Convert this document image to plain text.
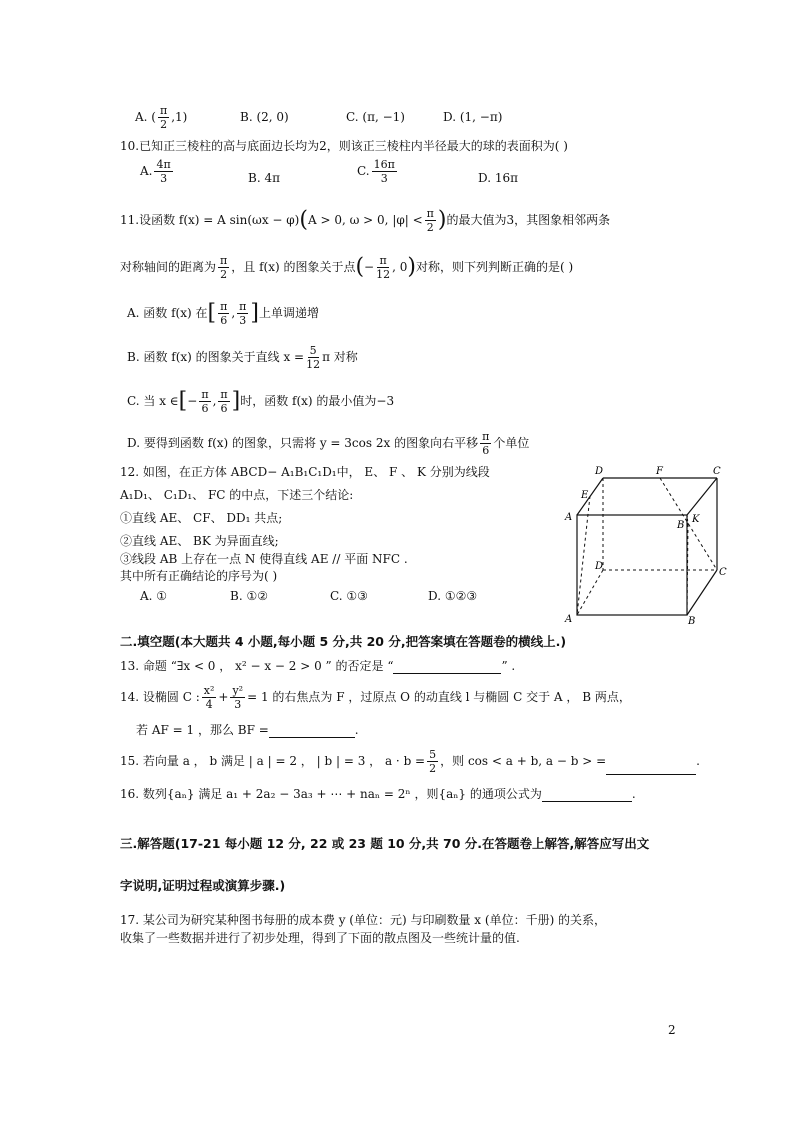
A. ( $\frac{\pi}{2} ,1$)	B. (2, 0)	C. (π, −1)	D. (1, −π)
10.已知正三棱柱的高与底面边长均为2，则该正三棱柱内半径最大的球的表面积为( )
A. $\frac{4\pi}{3}$	B. 4π	C. $\frac{16\pi}{3}$	D. 16π
11.设函数 f(x) = A sin(ωx − φ)(A > 0, ω > 0, $|\varphi| < \frac{\pi}{2}$ )的最大值为3，其图象相邻两条
对称轴间的距离为 $\frac{\pi}{2}$ ，且 f(x) 的图象关于点(− $\frac{\pi}{12}$ , 0)对称，则下列判断正确的是( )
A. 函数 f(x) 在[ $\frac{\pi}{6}$ , $\frac{\pi}{3}$ ]上单调递增
B. 函数 f(x) 的图象关于直线 $x = \frac{5}{12}$ π 对称
C. 当 x ∈[− $\frac{\pi}{6}$ , $\frac{\pi}{6}$ ]时，函数 f(x) 的最小值为−3
D. 要得到函数 f(x) 的图象，只需将 y = 3cos 2x 的图象向右平移 $\frac{\pi}{6}$ 个单位
12. 如图，在正方体 ABCD− A₁B₁C₁D₁中， E、 F 、 K 分别为线段
A₁D₁、 C₁D₁、 FC 的中点，下述三个结论:
①直线 AE、 CF、 DD₁ 共点;
②直线 AE、 BK 为异面直线;
③线段 AB 上存在一点 N 使得直线 AE // 平面 NFC .
其中所有正确结论的序号为( )
A. ①	B. ①②	C. ①③	D. ①②③
D	F	C
E
A
B
K
D
C
A	B
二.填空题(本大题共 4 小题,每小题 5 分,共 20 分,把答案填在答题卷的横线上.)
13. 命题 “∃x < 0 ， x² − x − 2 > 0 ” 的否定是 “	” .
14. 设椭圆 C : $\frac{\text{x²}}{4} + \frac{\text{y²}}{3} = 1$ 的右焦点为 F ，过原点 O 的动直线 l 与椭圆 C 交于 A ， B 两点，
若 AF = 1 ，那么 BF =	.
15. 若向量 a ， b 满足 | a | = 2 ， | b | = 3 ， $a \cdot b = \frac{5}{2}$ ，则 cos < a + b, a − b > =	.
16. 数列{aₙ} 满足 a₁ + 2a₂ − 3a₃ + ⋯ + naₙ = 2ⁿ ，则{aₙ} 的通项公式为	.
三.解答题(17-21 每小题 12 分, 22 或 23 题 10 分,共 70 分.在答题卷上解答,解答应写出文
字说明,证明过程或演算步骤.)
17. 某公司为研究某种图书每册的成本费 y (单位：元) 与印刷数量 x (单位：千册) 的关系，
收集了一些数据并进行了初步处理，得到了下面的散点图及一些统计量的值.
2
